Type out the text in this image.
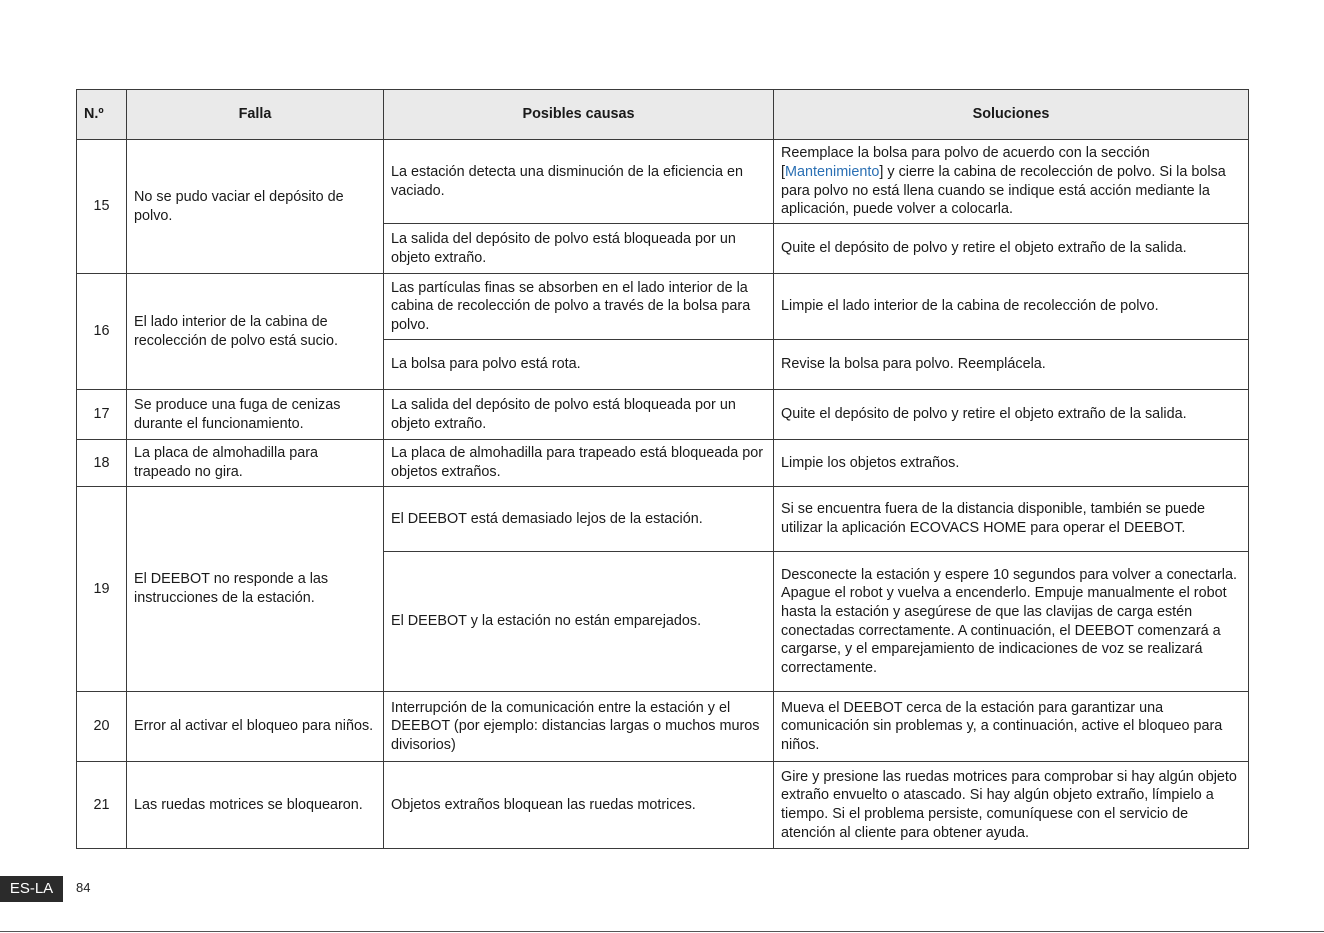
N.º	Falla	Posibles causas	Soluciones
15	No se pudo vaciar el depósito de polvo.	La estación detecta una disminución de la eficiencia en vaciado.	Reemplace la bolsa para polvo de acuerdo con la sección [Mantenimiento] y cierre la cabina de recolección de polvo. Si la bolsa para polvo no está llena cuando se indique está acción mediante la aplicación, puede volver a colocarla.
		La salida del depósito de polvo está bloqueada por un objeto extraño.	Quite el depósito de polvo y retire el objeto extraño de la salida.
16	El lado interior de la cabina de recolección de polvo está sucio.	Las partículas finas se absorben en el lado interior de la cabina de recolección de polvo a través de la bolsa para polvo.	Limpie el lado interior de la cabina de recolección de polvo.
		La bolsa para polvo está rota.	Revise la bolsa para polvo. Reemplácela.
17	Se produce una fuga de cenizas durante el funcionamiento.	La salida del depósito de polvo está bloqueada por un objeto extraño.	Quite el depósito de polvo y retire el objeto extraño de la salida.
18	La placa de almohadilla para trapeado no gira.	La placa de almohadilla para trapeado está bloqueada por objetos extraños.	Limpie los objetos extraños.
19	El DEEBOT no responde a las instrucciones de la estación.	El DEEBOT está demasiado lejos de la estación.	Si se encuentra fuera de la distancia disponible, también se puede utilizar la aplicación ECOVACS HOME para operar el DEEBOT.
		El DEEBOT y la estación no están emparejados.	Desconecte la estación y espere 10 segundos para volver a conectarla. Apague el robot y vuelva a encenderlo. Empuje manualmente el robot hasta la estación y asegúrese de que las clavijas de carga estén conectadas correctamente. A continuación, el DEEBOT comenzará a cargarse, y el emparejamiento de indicaciones de voz se realizará correctamente.
20	Error al activar el bloqueo para niños.	Interrupción de la comunicación entre la estación y el DEEBOT (por ejemplo: distancias largas o muchos muros divisorios)	Mueva el DEEBOT cerca de la estación para garantizar una comunicación sin problemas y, a continuación, active el bloqueo para niños.
21	Las ruedas motrices se bloquearon.	Objetos extraños bloquean las ruedas motrices.	Gire y presione las ruedas motrices para comprobar si hay algún objeto extraño envuelto o atascado. Si hay algún objeto extraño, límpielo a tiempo. Si el problema persiste, comuníquese con el servicio de atención al cliente para obtener ayuda.
ES-LA	84
